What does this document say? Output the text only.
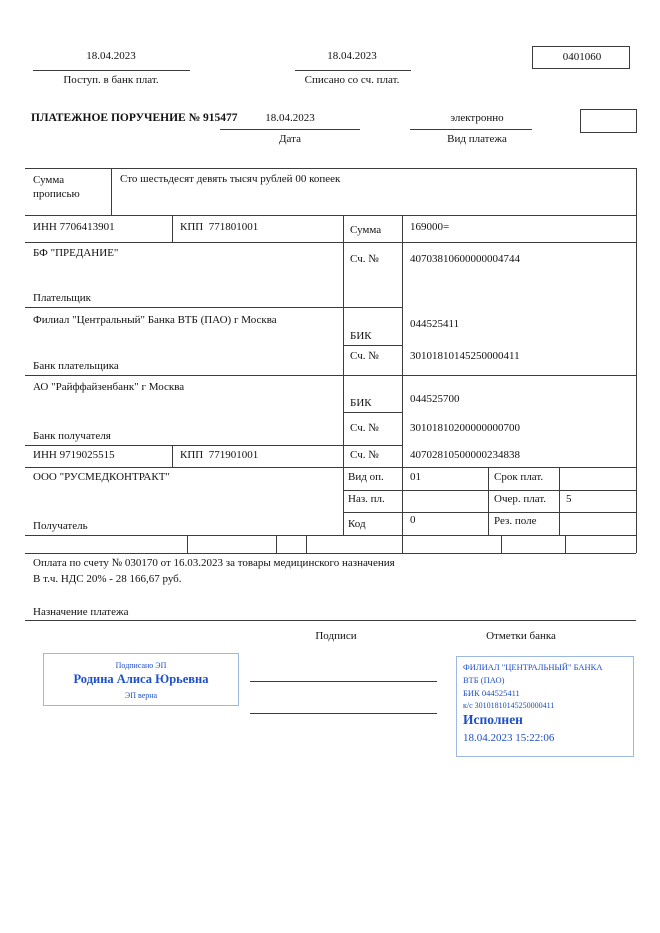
18.04.2023
Поступ. в банк плат.
18.04.2023
Списано со сч. плат.
0401060
ПЛАТЕЖНОЕ ПОРУЧЕНИЕ № 915477	18.04.2023
Дата
электронно
Вид платежа
Сумма прописью
Сто шестьдесят девять тысяч рублей 00 копеек
ИНН 7706413901	КПП  771801001	Сумма	169000=
БФ "ПРЕДАНИЕ"	Сч. №	40703810600000004744
Плательщик
Филиал "Центральный" Банка ВТБ (ПАО) г Москва
БИК
044525411
Сч. №	30101810145250000411
Банк плательщика
АО "Райффайзенбанк" г Москва
БИК	044525700
Сч. №	30101810200000000700
Банк получателя
ИНН 9719025515	КПП  771901001	Сч. №	40702810500000234838
ООО "РУСМЕДКОНТРАКТ"	Вид оп. 01	Срок плат.
Наз. пл.	Очер. плат. 5
Код	0	Рез. поле
Получатель
Оплата по счету № 030170 от 16.03.2023 за товары медицинского назначения
В т.ч. НДС 20% - 28 166,67 руб.
Назначение платежа
Подписи	Отметки банка
Подписано ЭП
Родина Алиса Юрьевна
ЭП верна
ФИЛИАЛ "ЦЕНТРАЛЬНЫЙ" БАНКА
ВТБ (ПАО)
БИК 044525411
к/с 30101810145250000411
Исполнен
18.04.2023 15:22:06
